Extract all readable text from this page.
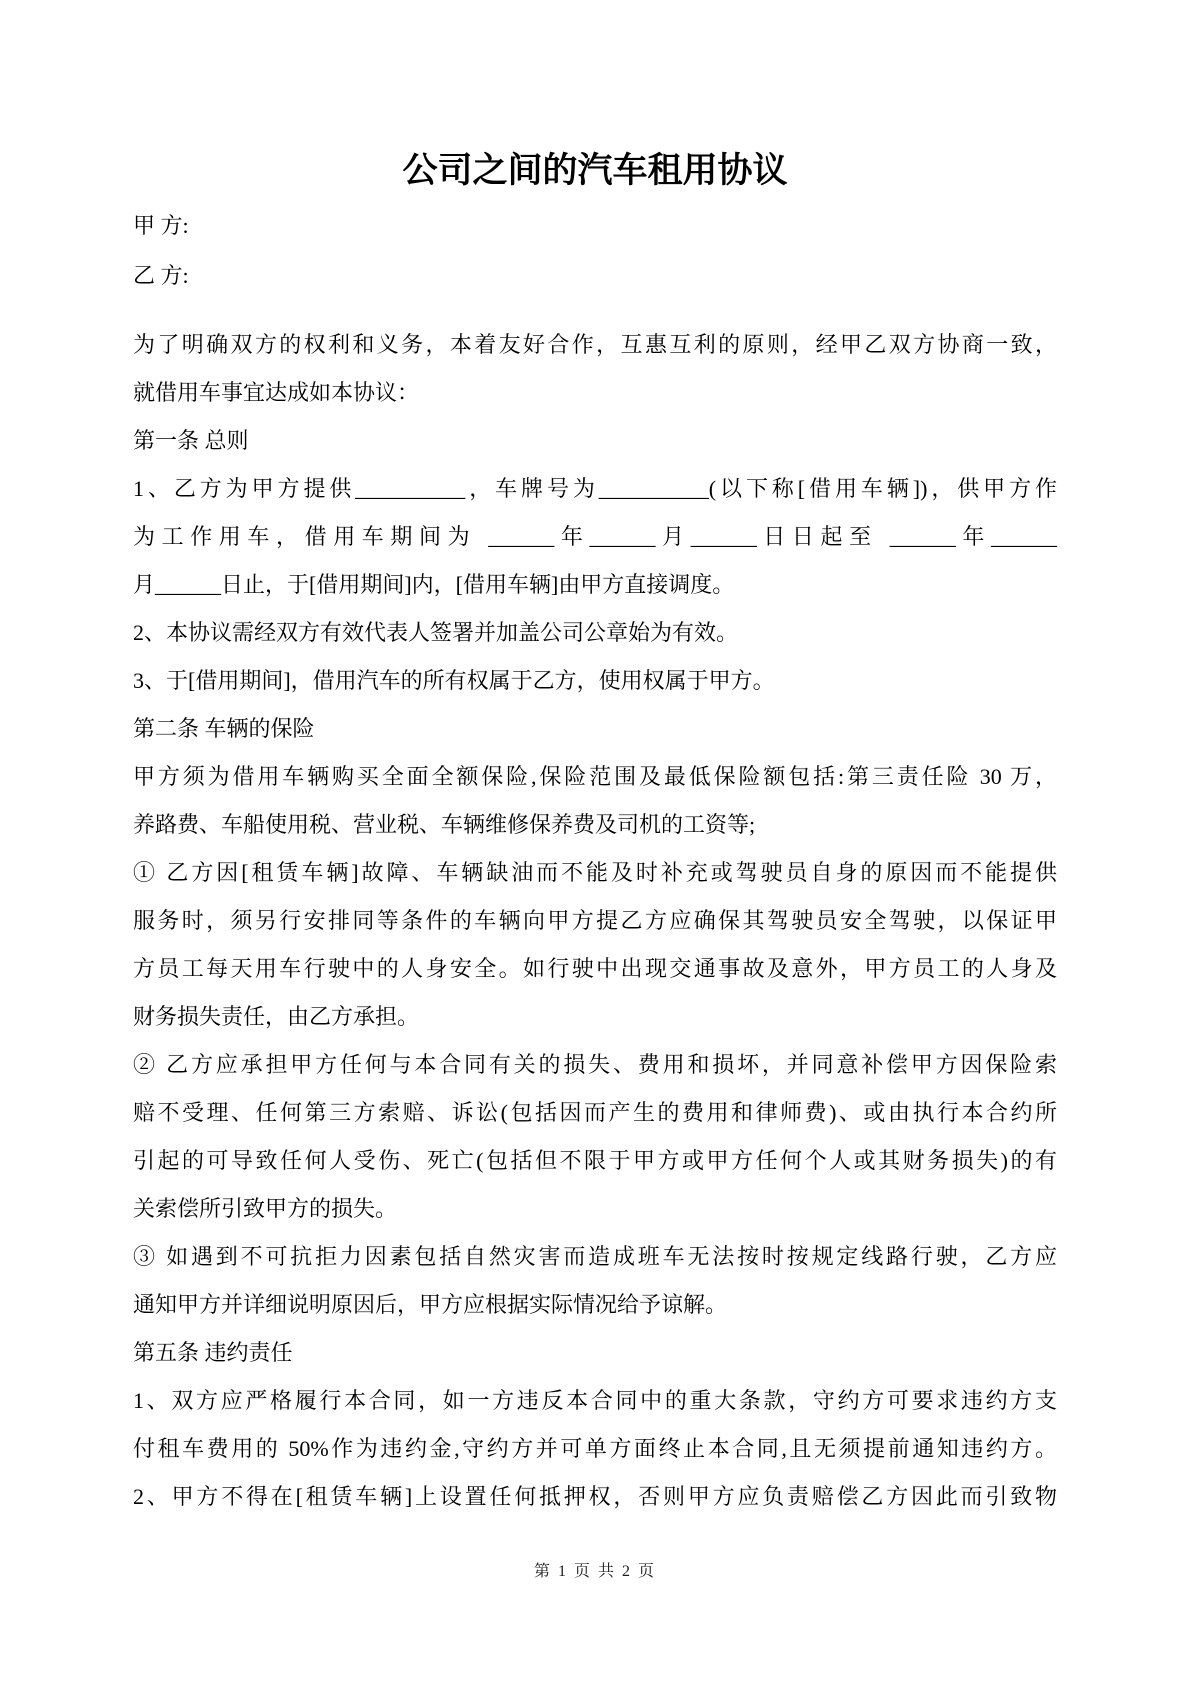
公司之间的汽车租用协议
甲 方:
乙 方:
为了明确双方的权利和义务，本着友好合作，互惠互利的原则，经甲乙双方协商一致，
就借用车事宜达成如本协议：
第一条 总则
1、乙方为甲方提供__________，车牌号为__________(以下称[借用车辆])，供甲方作
为工作用车，借用车期间为 ______年______月______日日起至 ______年______
月______日止，于[借用期间]内，[借用车辆]由甲方直接调度。
2、本协议需经双方有效代表人签署并加盖公司公章始为有效。
3、于[借用期间]，借用汽车的所有权属于乙方，使用权属于甲方。
第二条 车辆的保险
甲方须为借用车辆购买全面全额保险,保险范围及最低保险额包括:第三责任险 30 万，
养路费、车船使用税、营业税、车辆维修保养费及司机的工资等;
① 乙方因[租赁车辆]故障、车辆缺油而不能及时补充或驾驶员自身的原因而不能提供
服务时，须另行安排同等条件的车辆向甲方提乙方应确保其驾驶员安全驾驶，以保证甲
方员工每天用车行驶中的人身安全。如行驶中出现交通事故及意外，甲方员工的人身及
财务损失责任，由乙方承担。
② 乙方应承担甲方任何与本合同有关的损失、费用和损坏，并同意补偿甲方因保险索
赔不受理、任何第三方索赔、诉讼(包括因而产生的费用和律师费)、或由执行本合约所
引起的可导致任何人受伤、死亡(包括但不限于甲方或甲方任何个人或其财务损失)的有
关索偿所引致甲方的损失。
③ 如遇到不可抗拒力因素包括自然灾害而造成班车无法按时按规定线路行驶，乙方应
通知甲方并详细说明原因后，甲方应根据实际情况给予谅解。
第五条 违约责任
1、双方应严格履行本合同，如一方违反本合同中的重大条款，守约方可要求违约方支
付租车费用的 50%作为违约金,守约方并可单方面终止本合同,且无须提前通知违约方。
2、甲方不得在[租赁车辆]上设置任何抵押权，否则甲方应负责赔偿乙方因此而引致物
第 1 页 共 2 页
